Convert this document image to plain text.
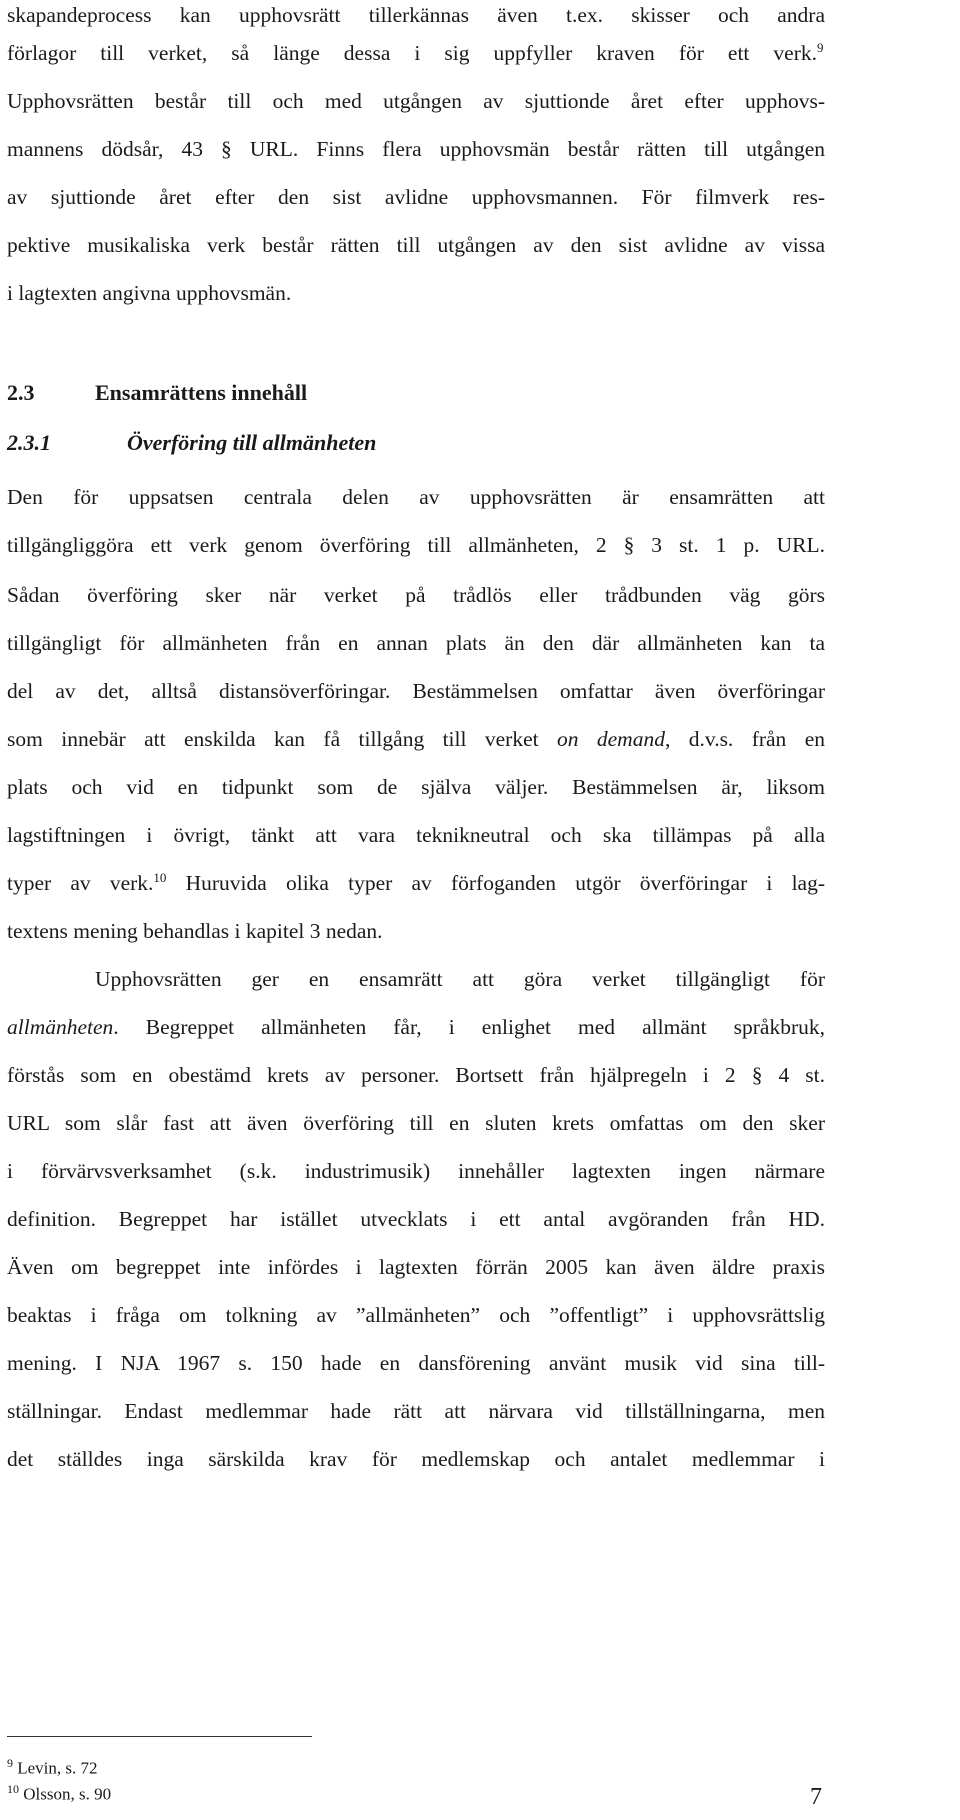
skapandeprocess kan upphovsrätt tillerkännas även t.ex. skisser och andra
förlagor till verket, så länge dessa i sig uppfyller kraven för ett verk.$^9$
Upphovsrätten består till och med utgången av sjuttionde året efter upphovs-
mannens dödsår, 43 § URL. Finns flera upphovsmän består rätten till utgången
av sjuttionde året efter den sist avlidne upphovsmannen. För filmverk res-
pektive musikaliska verk består rätten till utgången av den sist avlidne av vissa
i lagtexten angivna upphovsmän.
2.3	Ensamrättens innehåll
2.3.1	Överföring till allmänheten
Den för uppsatsen centrala delen av upphovsrätten är ensamrätten att
tillgängliggöra ett verk genom överföring till allmänheten, 2 § 3 st. 1 p. URL.
Sådan överföring sker när verket på trådlös eller trådbunden väg görs
tillgängligt för allmänheten från en annan plats än den där allmänheten kan ta
del av det, alltså distansöverföringar. Bestämmelsen omfattar även överföringar
som innebär att enskilda kan få tillgång till verket on demand, d.v.s. från en
plats och vid en tidpunkt som de själva väljer. Bestämmelsen är, liksom
lagstiftningen i övrigt, tänkt att vara teknikneutral och ska tillämpas på alla
typer av verk.$^{10}$ Huruvida olika typer av förfoganden utgör överföringar i lag-
textens mening behandlas i kapitel 3 nedan.
Upphovsrätten ger en ensamrätt att göra verket tillgängligt för
allmänheten. Begreppet allmänheten får, i enlighet med allmänt språkbruk,
förstås som en obestämd krets av personer. Bortsett från hjälpregeln i 2 § 4 st.
URL som slår fast att även överföring till en sluten krets omfattas om den sker
i förvärvsverksamhet (s.k. industrimusik) innehåller lagtexten ingen närmare
definition. Begreppet har istället utvecklats i ett antal avgöranden från HD.
Även om begreppet inte infördes i lagtexten förrän 2005 kan även äldre praxis
beaktas i fråga om tolkning av ”allmänheten” och ”offentligt” i upphovsrättslig
mening. I NJA 1967 s. 150 hade en dansförening använt musik vid sina till-
ställningar. Endast medlemmar hade rätt att närvara vid tillställningarna, men
det ställdes inga särskilda krav för medlemskap och antalet medlemmar i
$^9$ Levin, s. 72
$^{10}$ Olsson, s. 90	7
